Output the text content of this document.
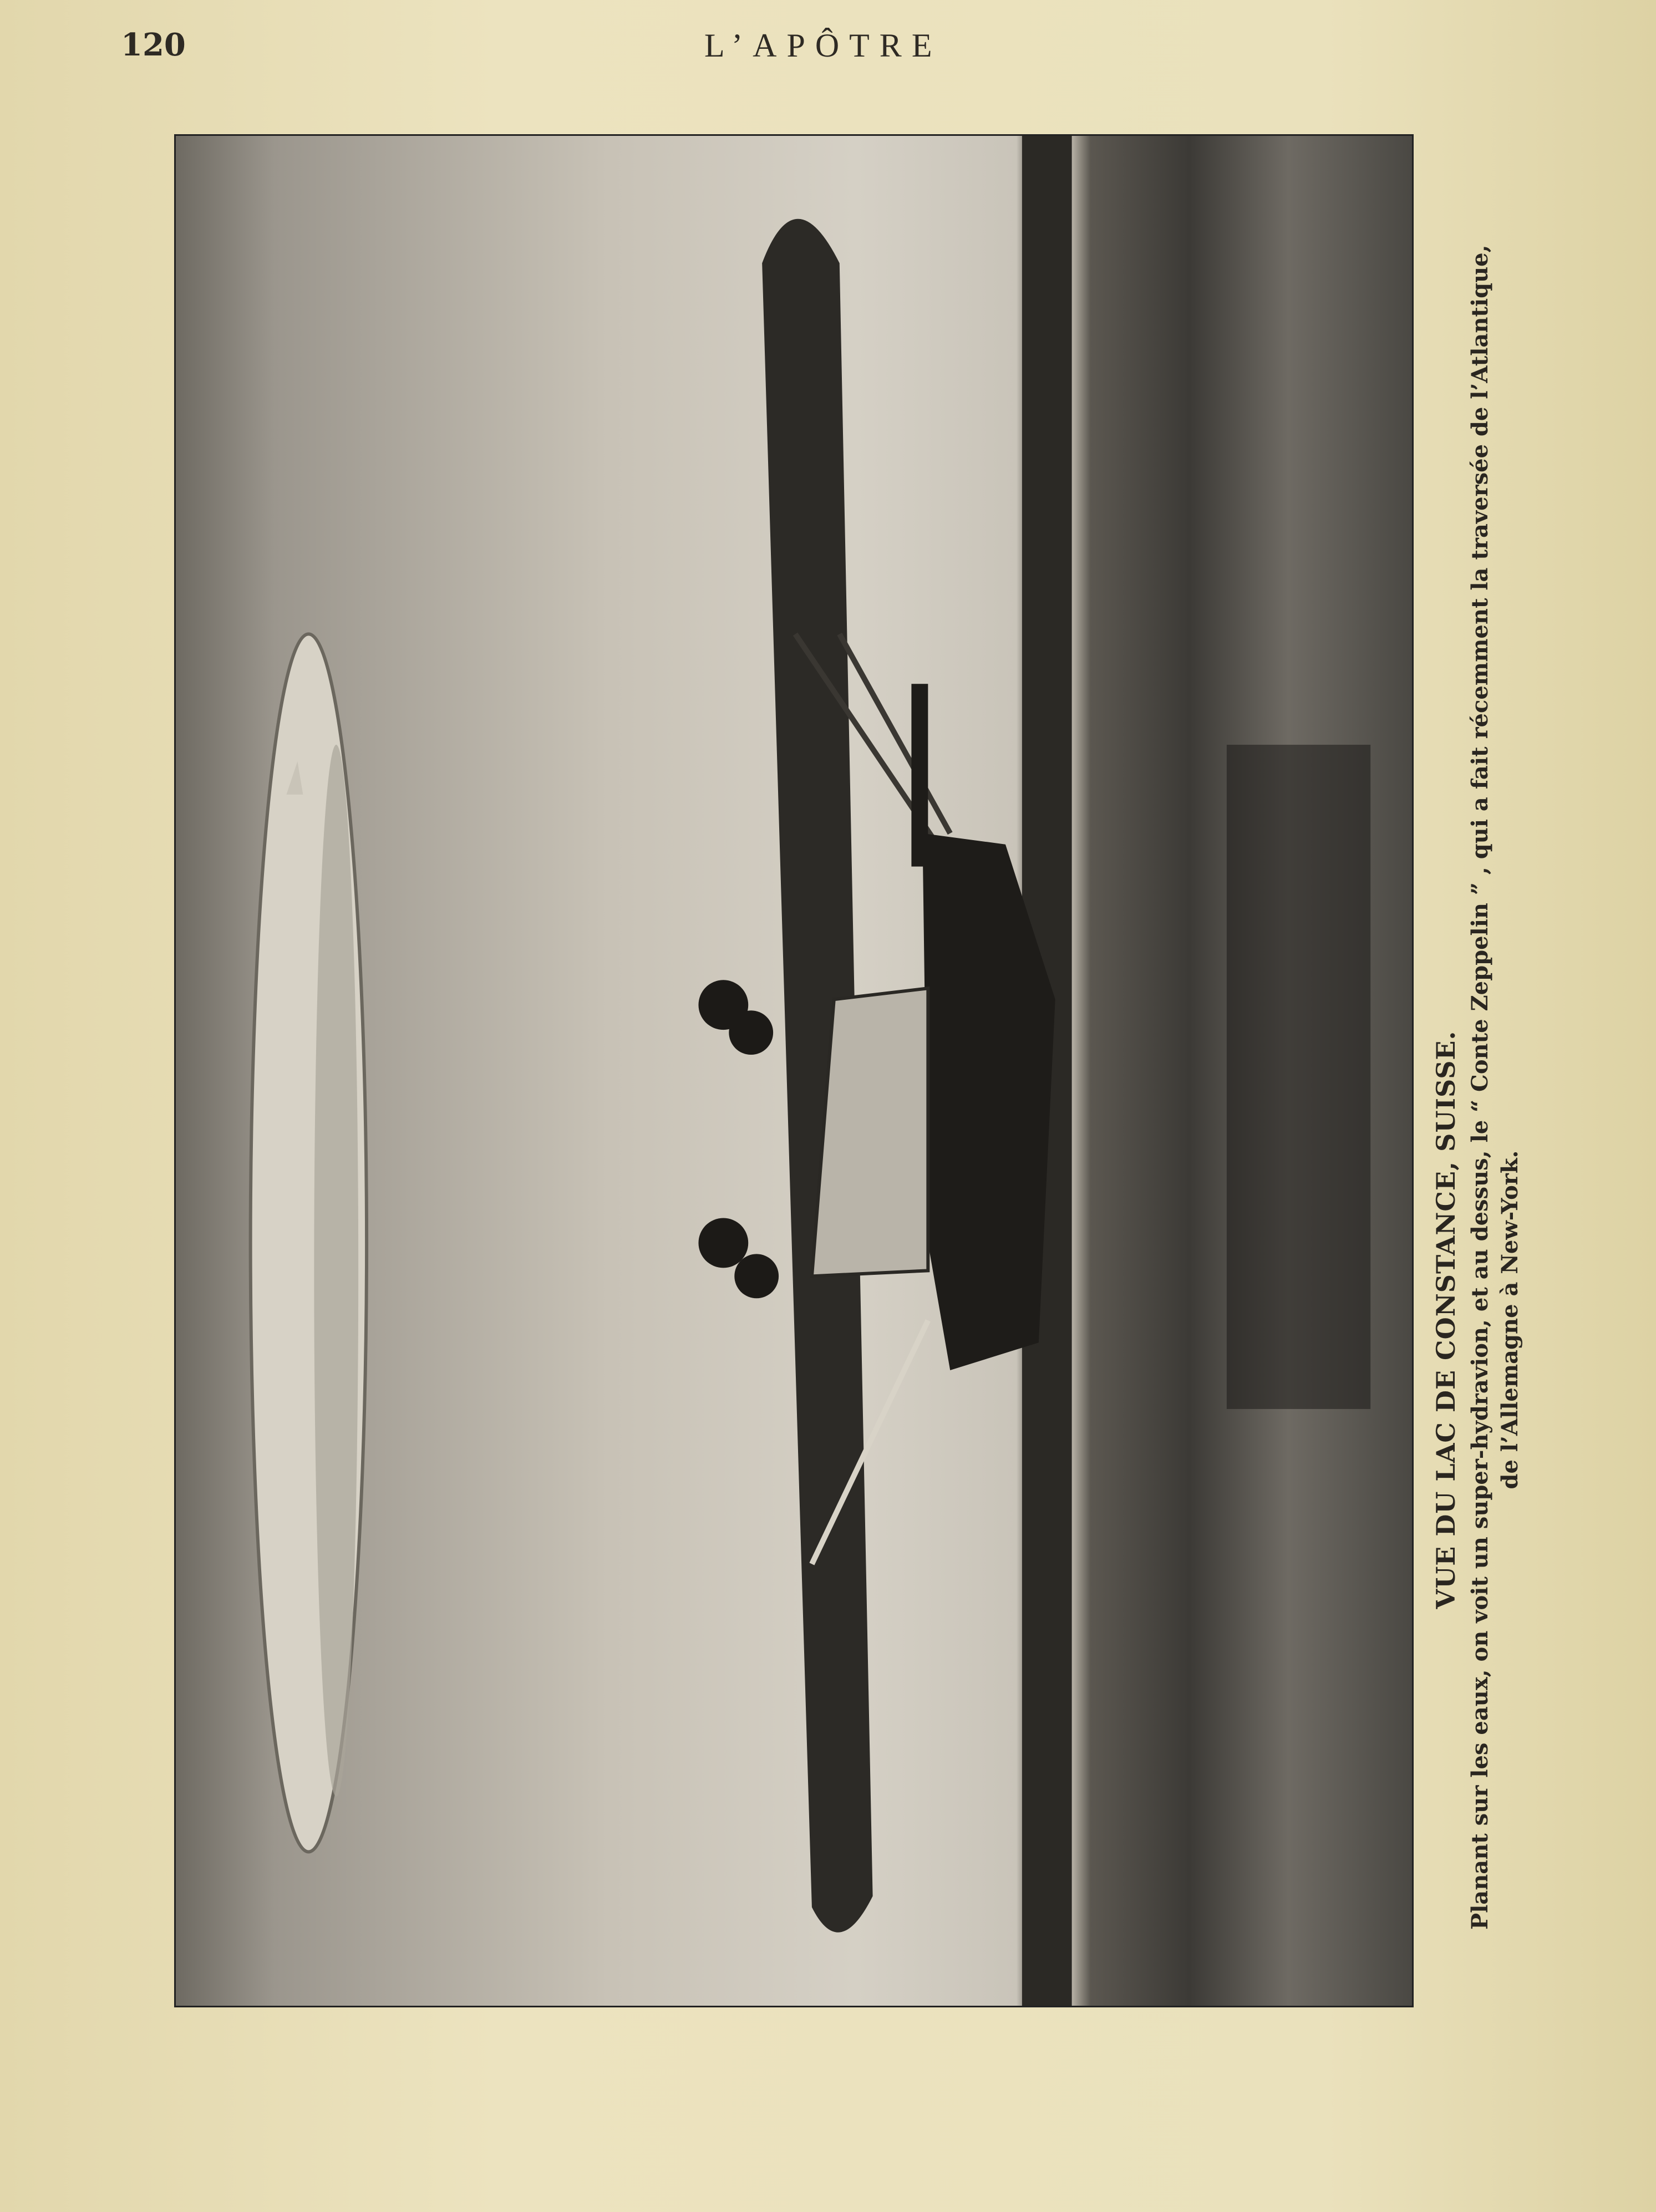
120	L’APÔTRE
VUE DU LAC DE CONSTANCE, SUISSE. Planant sur les eaux, on voit un super-hydravion, et au dessus, le “ Conte Zeppelin ” , qui a fait récemment la traversée de l’Atlantique, de l’Allemagne à New-York.
